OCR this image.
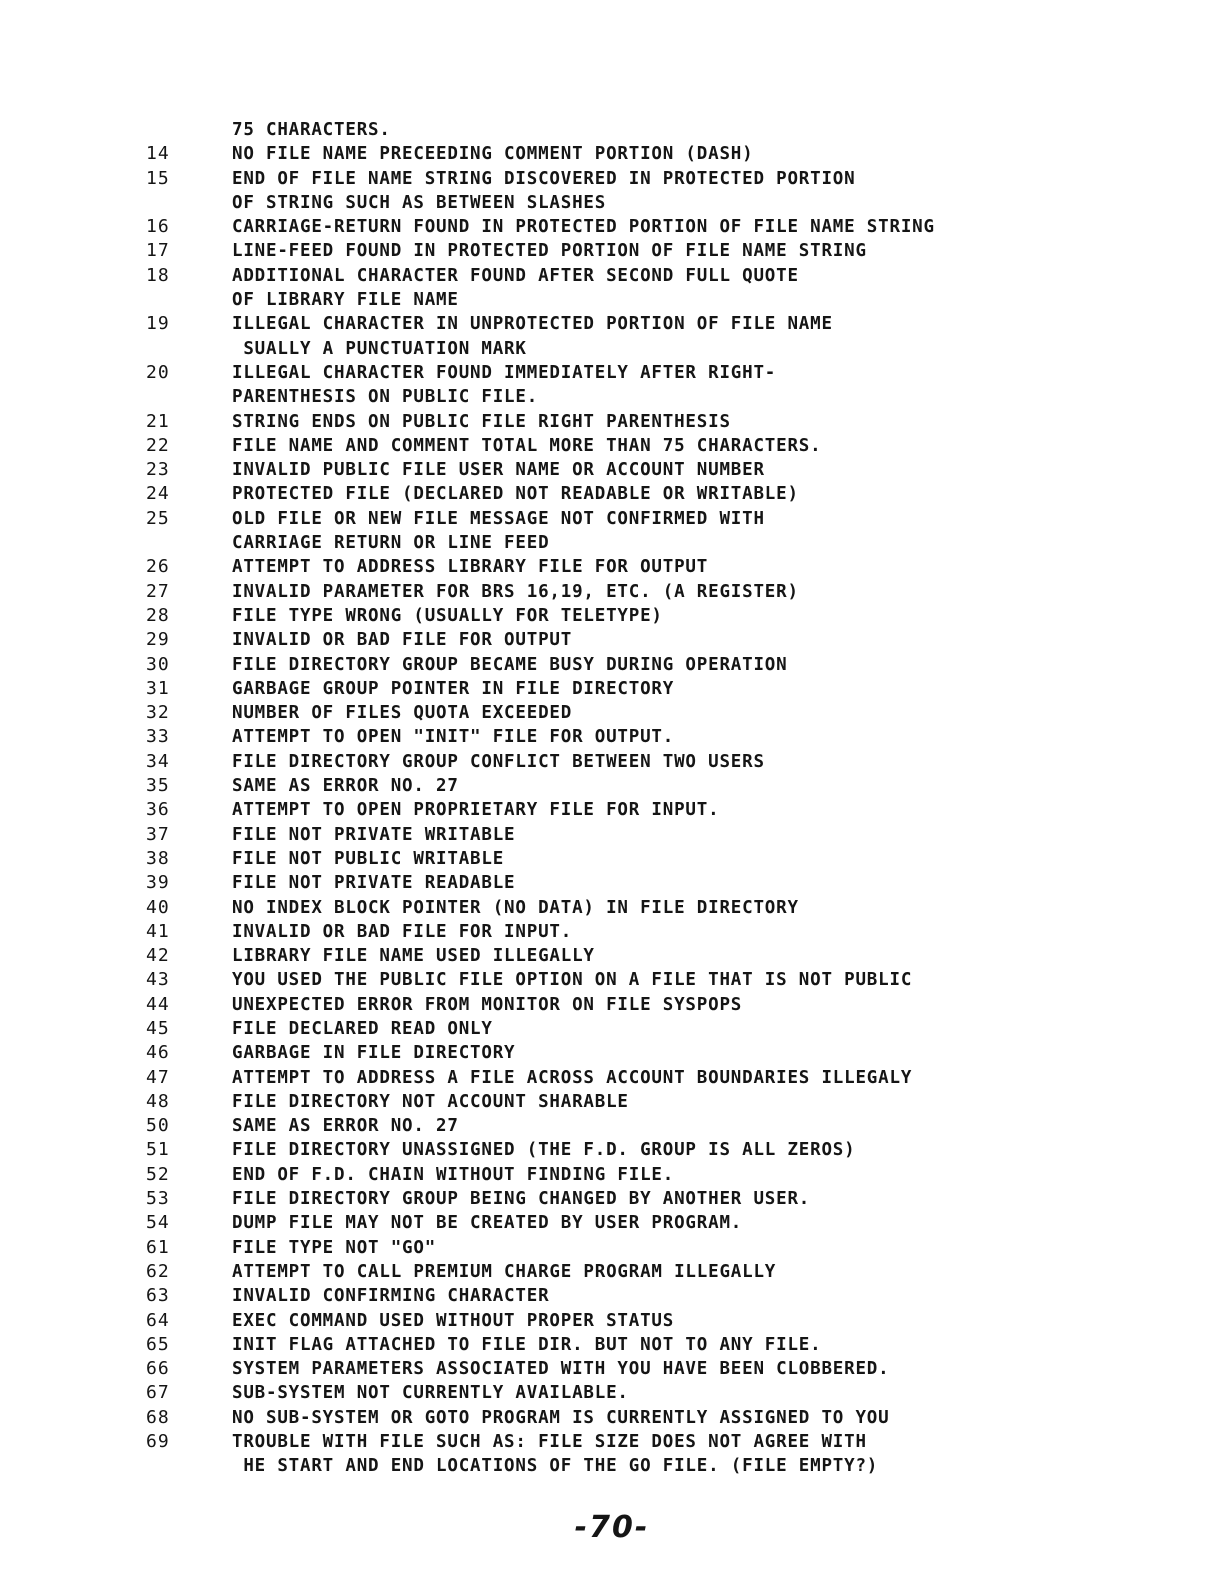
75 CHARACTERS.
14	NO FILE NAME PRECEEDING COMMENT PORTION (DASH)
15	END OF FILE NAME STRING DISCOVERED IN PROTECTED PORTION
OF STRING SUCH AS BETWEEN SLASHES
16	CARRIAGE-RETURN FOUND IN PROTECTED PORTION OF FILE NAME STRING
17	LINE-FEED FOUND IN PROTECTED PORTION OF FILE NAME STRING
18	ADDITIONAL CHARACTER FOUND AFTER SECOND FULL QUOTE
OF LIBRARY FILE NAME
19	ILLEGAL CHARACTER IN UNPROTECTED PORTION OF FILE NAME
SUALLY A PUNCTUATION MARK
20	ILLEGAL CHARACTER FOUND IMMEDIATELY AFTER RIGHT-
PARENTHESIS ON PUBLIC FILE.
21	STRING ENDS ON PUBLIC FILE RIGHT PARENTHESIS
22	FILE NAME AND COMMENT TOTAL MORE THAN 75 CHARACTERS.
23	INVALID PUBLIC FILE USER NAME OR ACCOUNT NUMBER
24	PROTECTED FILE (DECLARED NOT READABLE OR WRITABLE)
25	OLD FILE OR NEW FILE MESSAGE NOT CONFIRMED WITH
CARRIAGE RETURN OR LINE FEED
26	ATTEMPT TO ADDRESS LIBRARY FILE FOR OUTPUT
27	INVALID PARAMETER FOR BRS 16,19, ETC. (A REGISTER)
28	FILE TYPE WRONG (USUALLY FOR TELETYPE)
29	INVALID OR BAD FILE FOR OUTPUT
30	FILE DIRECTORY GROUP BECAME BUSY DURING OPERATION
31	GARBAGE GROUP POINTER IN FILE DIRECTORY
32	NUMBER OF FILES QUOTA EXCEEDED
33	ATTEMPT TO OPEN "INIT" FILE FOR OUTPUT.
34	FILE DIRECTORY GROUP CONFLICT BETWEEN TWO USERS
35	SAME AS ERROR NO. 27
36	ATTEMPT TO OPEN PROPRIETARY FILE FOR INPUT.
37	FILE NOT PRIVATE WRITABLE
38	FILE NOT PUBLIC WRITABLE
39	FILE NOT PRIVATE READABLE
40	NO INDEX BLOCK POINTER (NO DATA) IN FILE DIRECTORY
41	INVALID OR BAD FILE FOR INPUT.
42	LIBRARY FILE NAME USED ILLEGALLY
43	YOU USED THE PUBLIC FILE OPTION ON A FILE THAT IS NOT PUBLIC
44	UNEXPECTED ERROR FROM MONITOR ON FILE SYSPOPS
45	FILE DECLARED READ ONLY
46	GARBAGE IN FILE DIRECTORY
47	ATTEMPT TO ADDRESS A FILE ACROSS ACCOUNT BOUNDARIES ILLEGALY
48	FILE DIRECTORY NOT ACCOUNT SHARABLE
50	SAME AS ERROR NO. 27
51	FILE DIRECTORY UNASSIGNED (THE F.D. GROUP IS ALL ZEROS)
52	END OF F.D. CHAIN WITHOUT FINDING FILE.
53	FILE DIRECTORY GROUP BEING CHANGED BY ANOTHER USER.
54	DUMP FILE MAY NOT BE CREATED BY USER PROGRAM.
61	FILE TYPE NOT "GO"
62	ATTEMPT TO CALL PREMIUM CHARGE PROGRAM ILLEGALLY
63	INVALID CONFIRMING CHARACTER
64	EXEC COMMAND USED WITHOUT PROPER STATUS
65	INIT FLAG ATTACHED TO FILE DIR. BUT NOT TO ANY FILE.
66	SYSTEM PARAMETERS ASSOCIATED WITH YOU HAVE BEEN CLOBBERED.
67	SUB-SYSTEM NOT CURRENTLY AVAILABLE.
68	NO SUB-SYSTEM OR GOTO PROGRAM IS CURRENTLY ASSIGNED TO YOU
69	TROUBLE WITH FILE SUCH AS: FILE SIZE DOES NOT AGREE WITH
HE START AND END LOCATIONS OF THE GO FILE. (FILE EMPTY?)
-70-
